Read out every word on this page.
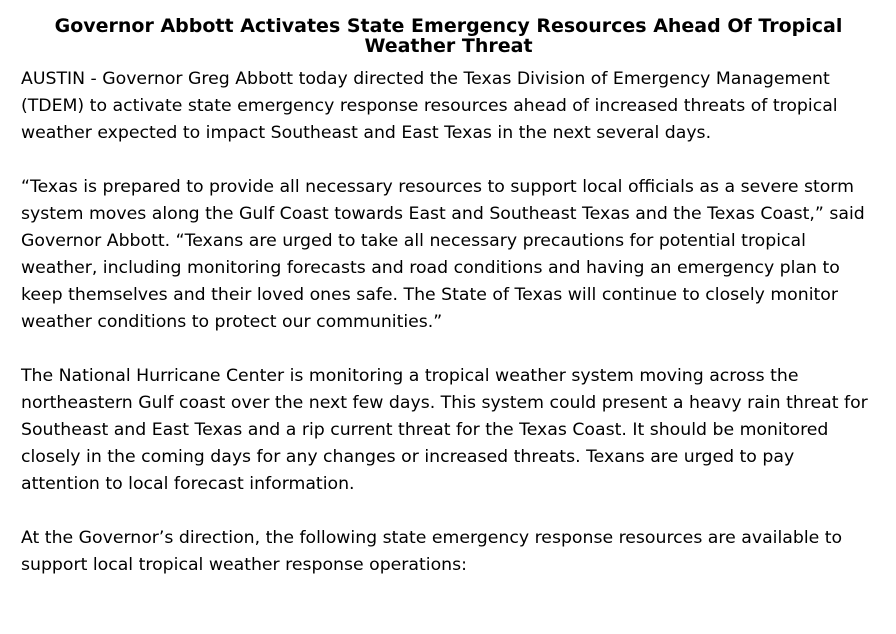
Governor Abbott Activates State Emergency Resources Ahead Of Tropical Weather Threat

AUSTIN - Governor Greg Abbott today directed the Texas Division of Emergency Management (TDEM) to activate state emergency response resources ahead of increased threats of tropical weather expected to impact Southeast and East Texas in the next several days.

“Texas is prepared to provide all necessary resources to support local officials as a severe storm system moves along the Gulf Coast towards East and Southeast Texas and the Texas Coast,” said Governor Abbott. “Texans are urged to take all necessary precautions for potential tropical weather, including monitoring forecasts and road conditions and having an emergency plan to keep themselves and their loved ones safe. The State of Texas will continue to closely monitor weather conditions to protect our communities.”

The National Hurricane Center is monitoring a tropical weather system moving across the northeastern Gulf coast over the next few days. This system could present a heavy rain threat for Southeast and East Texas and a rip current threat for the Texas Coast. It should be monitored closely in the coming days for any changes or increased threats. Texans are urged to pay attention to local forecast information.

At the Governor’s direction, the following state emergency response resources are available to support local tropical weather response operations:
